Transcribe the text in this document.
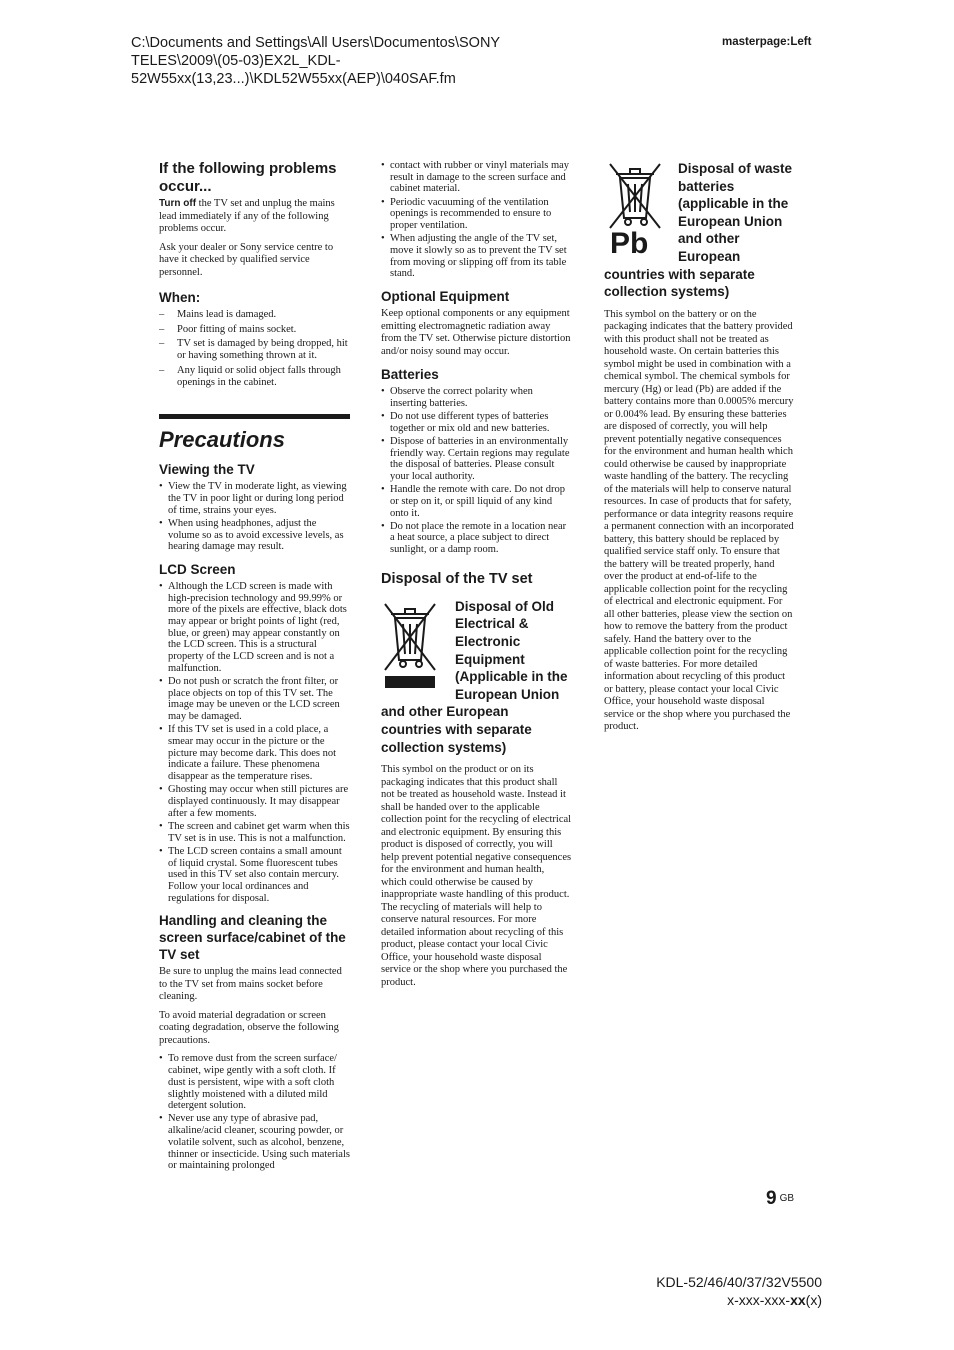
C:\Documents and Settings\All Users\Documentos\SONY
TELES\2009\(05-03)EX2L_KDL-
52W55xx(13,23...)\KDL52W55xx(AEP)\040SAF.fm
masterpage:Left
If the following problems occur...

Turn off the TV set and unplug the mains lead immediately if any of the following problems occur.

Ask your dealer or Sony service centre to have it checked by qualified service personnel.

When:
– Mains lead is damaged.
– Poor fitting of mains socket.
– TV set is damaged by being dropped, hit or having something thrown at it.
– Any liquid or solid object falls through openings in the cabinet.
Precautions
Viewing the TV
• View the TV in moderate light, as viewing the TV in poor light or during long period of time, strains your eyes.
• When using headphones, adjust the volume so as to avoid excessive levels, as hearing damage may result.
LCD Screen
• Although the LCD screen is made with high-precision technology and 99.99% or more of the pixels are effective, black dots may appear or bright points of light (red, blue, or green) may appear constantly on the LCD screen. This is a structural property of the LCD screen and is not a malfunction.
• Do not push or scratch the front filter, or place objects on top of this TV set. The image may be uneven or the LCD screen may be damaged.
• If this TV set is used in a cold place, a smear may occur in the picture or the picture may become dark. This does not indicate a failure. These phenomena disappear as the temperature rises.
• Ghosting may occur when still pictures are displayed continuously. It may disappear after a few moments.
• The screen and cabinet get warm when this TV set is in use. This is not a malfunction.
• The LCD screen contains a small amount of liquid crystal. Some fluorescent tubes used in this TV set also contain mercury. Follow your local ordinances and regulations for disposal.
Handling and cleaning the screen surface/cabinet of the TV set

Be sure to unplug the mains lead connected to the TV set from mains socket before cleaning.

To avoid material degradation or screen coating degradation, observe the following precautions.

• To remove dust from the screen surface/ cabinet, wipe gently with a soft cloth. If dust is persistent, wipe with a soft cloth slightly moistened with a diluted mild detergent solution.
• Never use any type of abrasive pad, alkaline/acid cleaner, scouring powder, or volatile solvent, such as alcohol, benzene, thinner or insecticide. Using such materials or maintaining prolonged
• contact with rubber or vinyl materials may result in damage to the screen surface and cabinet material.
• Periodic vacuuming of the ventilation openings is recommended to ensure to proper ventilation.
• When adjusting the angle of the TV set, move it slowly so as to prevent the TV set from moving or slipping off from its table stand.
Optional Equipment

Keep optional components or any equipment emitting electromagnetic radiation away from the TV set. Otherwise picture distortion and/or noisy sound may occur.

Batteries
• Observe the correct polarity when inserting batteries.
• Do not use different types of batteries together or mix old and new batteries.
• Dispose of batteries in an environmentally friendly way. Certain regions may regulate the disposal of batteries. Please consult your local authority.
• Handle the remote with care. Do not drop or step on it, or spill liquid of any kind onto it.
• Do not place the remote in a location near a heat source, a place subject to direct sunlight, or a damp room.
Disposal of the TV set
Disposal of Old Electrical & Electronic Equipment (Applicable in the European Union and other European countries with separate collection systems)

This symbol on the product or on its packaging indicates that this product shall not be treated as household waste. Instead it shall be handed over to the applicable collection point for the recycling of electrical and electronic equipment. By ensuring this product is disposed of correctly, you will help prevent potential negative consequences for the environment and human health, which could otherwise be caused by inappropriate waste handling of this product. The recycling of materials will help to conserve natural resources. For more detailed information about recycling of this product, please contact your local Civic Office, your household waste disposal service or the shop where you purchased the product.

Pb
Disposal of waste batteries (applicable in the European Union and other European countries with separate collection systems)

This symbol on the battery or on the packaging indicates that the battery provided with this product shall not be treated as household waste. On certain batteries this symbol might be used in combination with a chemical symbol. The chemical symbols for mercury (Hg) or lead (Pb) are added if the battery contains more than 0.0005% mercury or 0.004% lead. By ensuring these batteries are disposed of correctly, you will help prevent potentially negative consequences for the environment and human health which could otherwise be caused by inappropriate waste handling of the battery. The recycling of the materials will help to conserve natural resources. In case of products that for safety, performance or data integrity reasons require a permanent connection with an incorporated battery, this battery should be replaced by qualified service staff only. To ensure that the battery will be treated properly, hand over the product at end-of-life to the applicable collection point for the recycling of electrical and electronic equipment. For all other batteries, please view the section on how to remove the battery from the product safely. Hand the battery over to the applicable collection point for the recycling of waste batteries. For more detailed information about recycling of this product or battery, please contact your local Civic Office, your household waste disposal service or the shop where you purchased the product.

9 $^{GB}$
KDL-52/46/40/37/32V5500
x-xxx-xxx-xx(x)
